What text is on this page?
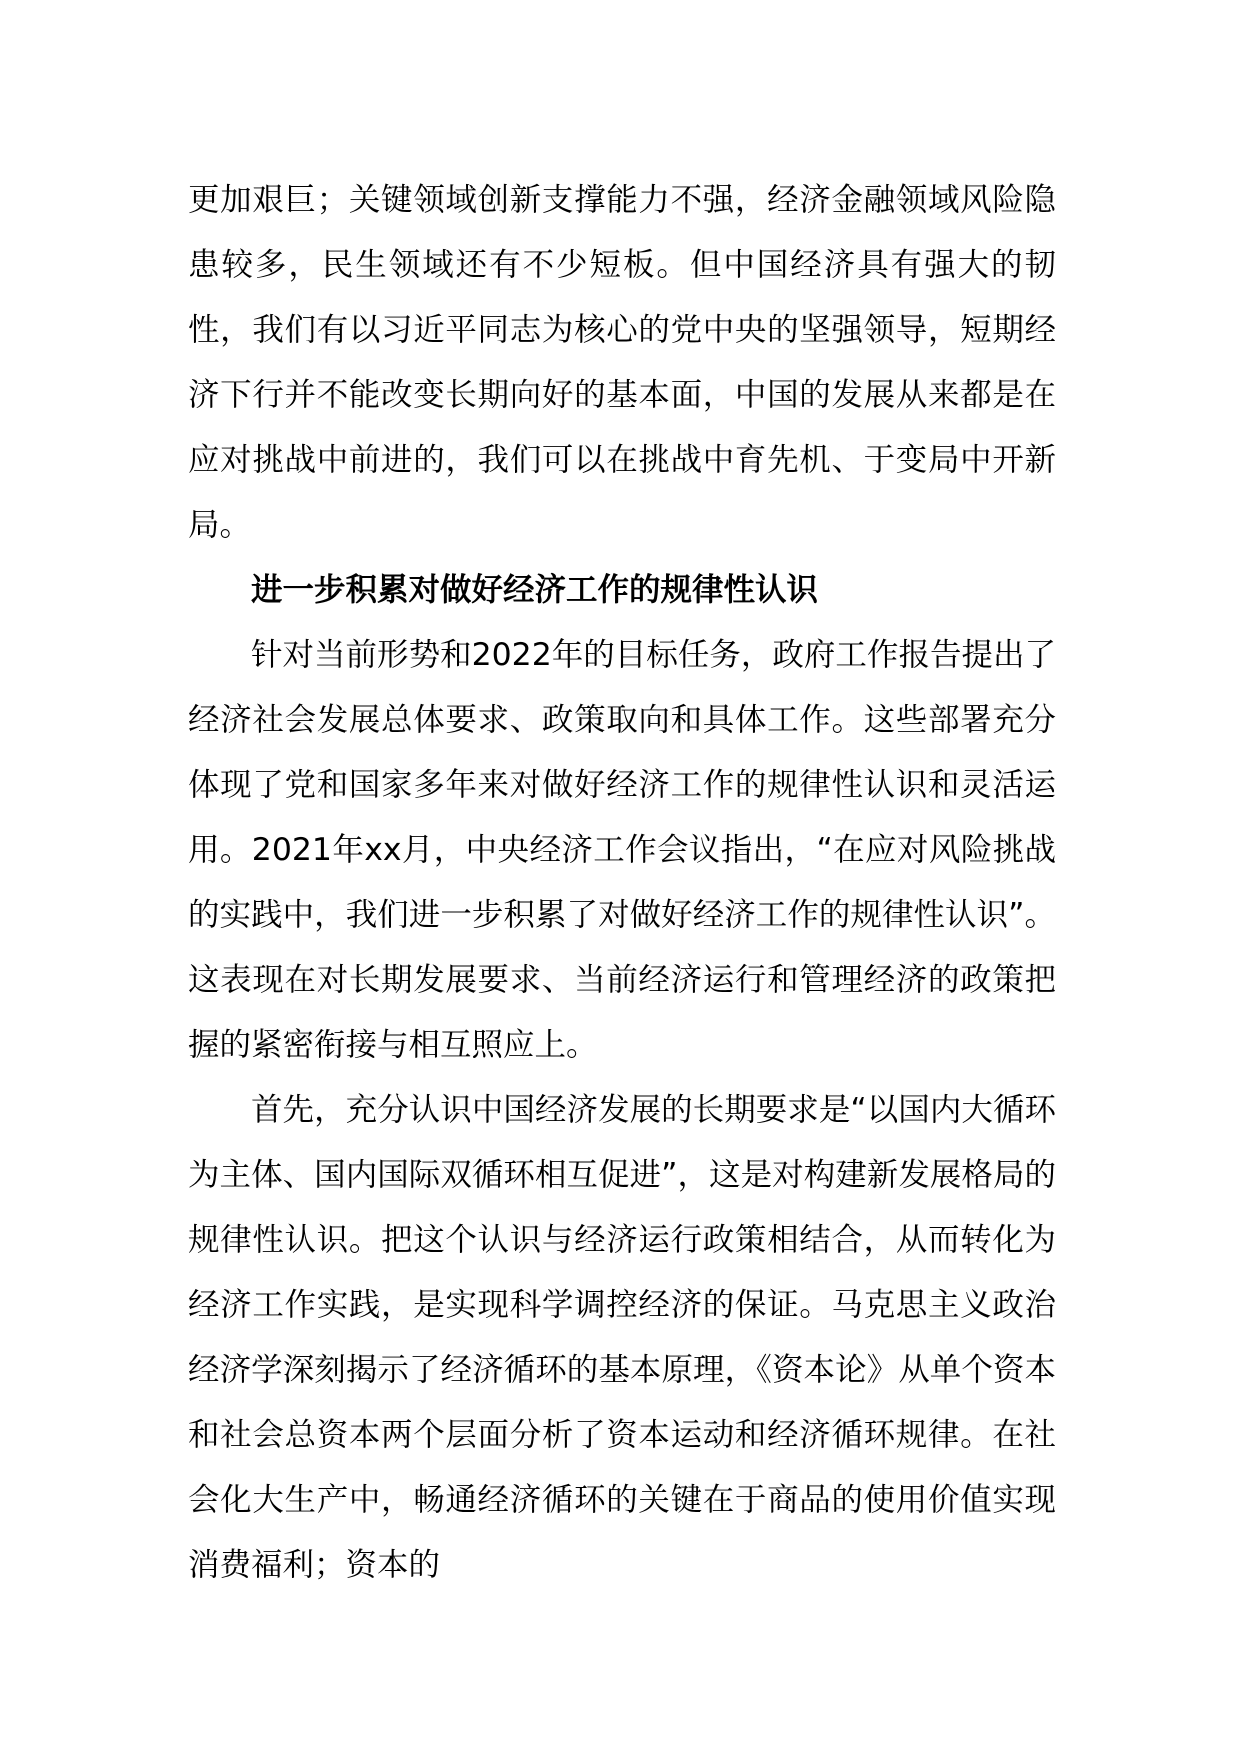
更加艰巨；关键领域创新支撑能力不强，经济金融领域风险隐患较多，民生领域还有不少短板。但中国经济具有强大的韧性，我们有以习近平同志为核心的党中央的坚强领导，短期经济下行并不能改变长期向好的基本面，中国的发展从来都是在应对挑战中前进的，我们可以在挑战中育先机、于变局中开新局。

进一步积累对做好经济工作的规律性认识

针对当前形势和2022年的目标任务，政府工作报告提出了经济社会发展总体要求、政策取向和具体工作。这些部署充分体现了党和国家多年来对做好经济工作的规律性认识和灵活运用。2021年xx月，中央经济工作会议指出，“在应对风险挑战的实践中，我们进一步积累了对做好经济工作的规律性认识”。这表现在对长期发展要求、当前经济运行和管理经济的政策把握的紧密衔接与相互照应上。

首先，充分认识中国经济发展的长期要求是“以国内大循环为主体、国内国际双循环相互促进”，这是对构建新发展格局的规律性认识。把这个认识与经济运行政策相结合，从而转化为经济工作实践，是实现科学调控经济的保证。马克思主义政治经济学深刻揭示了经济循环的基本原理，《资本论》从单个资本和社会总资本两个层面分析了资本运动和经济循环规律。在社会化大生产中，畅通经济循环的关键在于商品的使用价值实现消费福利；资本的
